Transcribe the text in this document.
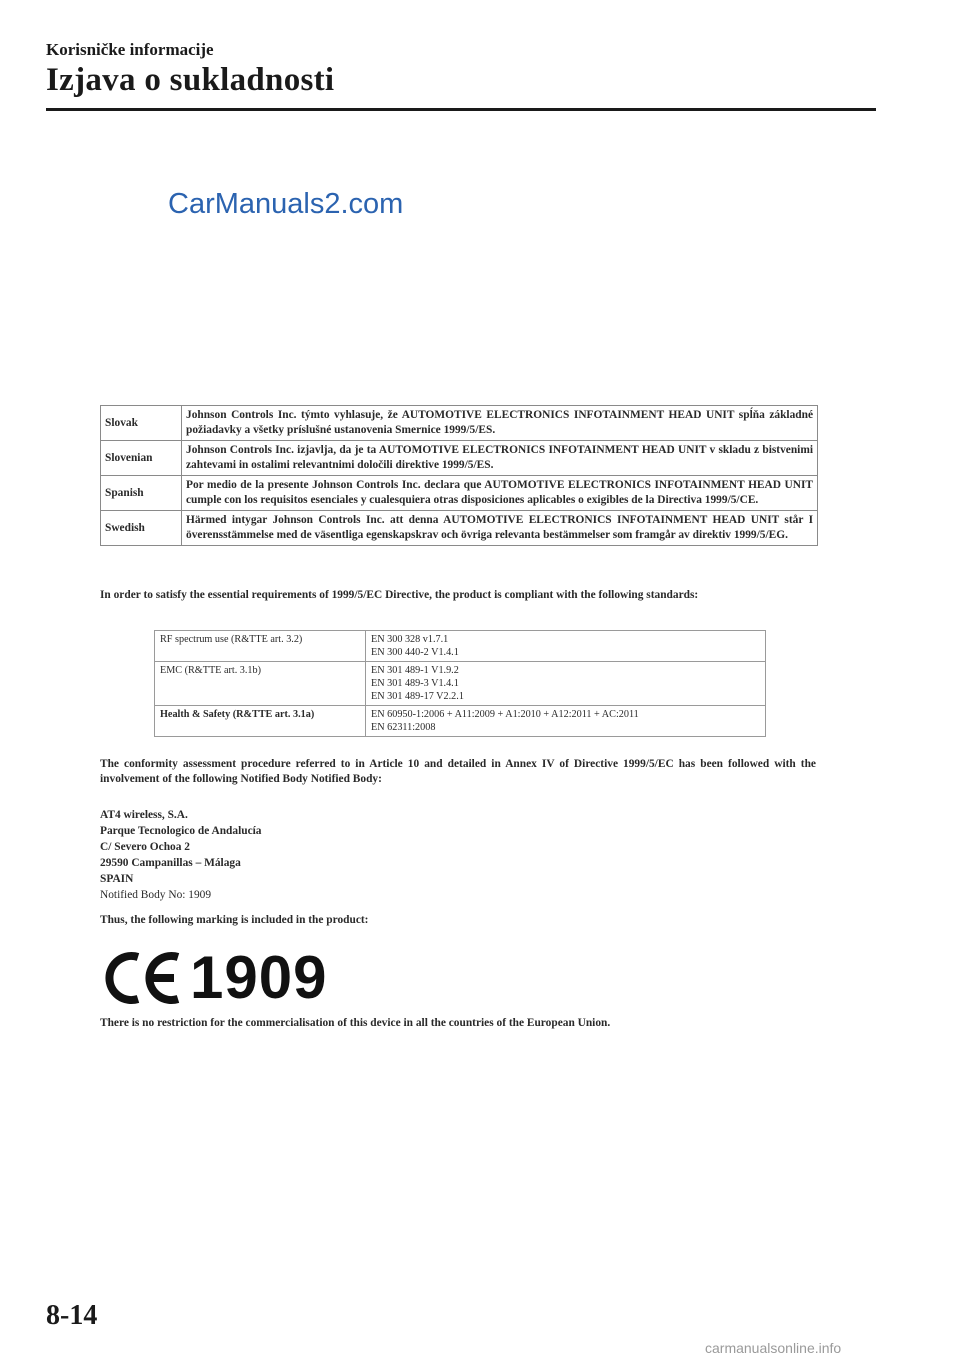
Korisničke informacije
Izjava o sukladnosti
CarManuals2.com
Slovak	Johnson Controls Inc. týmto vyhlasuje, že AUTOMOTIVE ELECTRONICS INFOTAINMENT HEAD UNIT spĺňa základné požiadavky a všetky príslušné ustanovenia Smernice 1999/5/ES.
Slovenian	Johnson Controls Inc. izjavlja, da je ta AUTOMOTIVE ELECTRONICS INFOTAINMENT HEAD UNIT v skladu z bistvenimi zahtevami in ostalimi relevantnimi določili direktive 1999/5/ES.
Spanish	Por medio de la presente Johnson Controls Inc. declara que AUTOMOTIVE ELECTRONICS INFOTAINMENT HEAD UNIT cumple con los requisitos esenciales y cualesquiera otras disposiciones aplicables o exigibles de la Directiva 1999/5/CE.
Swedish	Härmed intygar Johnson Controls Inc. att denna AUTOMOTIVE ELECTRONICS INFOTAINMENT HEAD UNIT står I överensstämmelse med de väsentliga egenskapskrav och övriga relevanta bestämmelser som framgår av direktiv 1999/5/EG.

In order to satisfy the essential requirements of 1999/5/EC Directive, the product is compliant with the following standards:

RF spectrum use (R&TTE art. 3.2)	EN 300 328 v1.7.1
EN 300 440-2 V1.4.1

EMC (R&TTE art. 3.1b)	EN 301 489-1 V1.9.2
EN 301 489-3 V1.4.1
EN 301 489-17 V2.2.1

Health & Safety (R&TTE art. 3.1a)	EN 60950-1:2006 + A11:2009 + A1:2010 + A12:2011 + AC:2011
EN 62311:2008

The conformity assessment procedure referred to in Article 10 and detailed in Annex IV of Directive 1999/5/EC has been followed with the involvement of the following Notified Body Notified Body:

AT4 wireless, S.A.
Parque Tecnologico de Andalucía
C/ Severo Ochoa 2
29590 Campanillas – Málaga
SPAIN
Notified Body No: 1909

Thus, the following marking is included in the product:

1909

There is no restriction for the commercialisation of this device in all the countries of the European Union.

8-14
carmanualsonline.info
